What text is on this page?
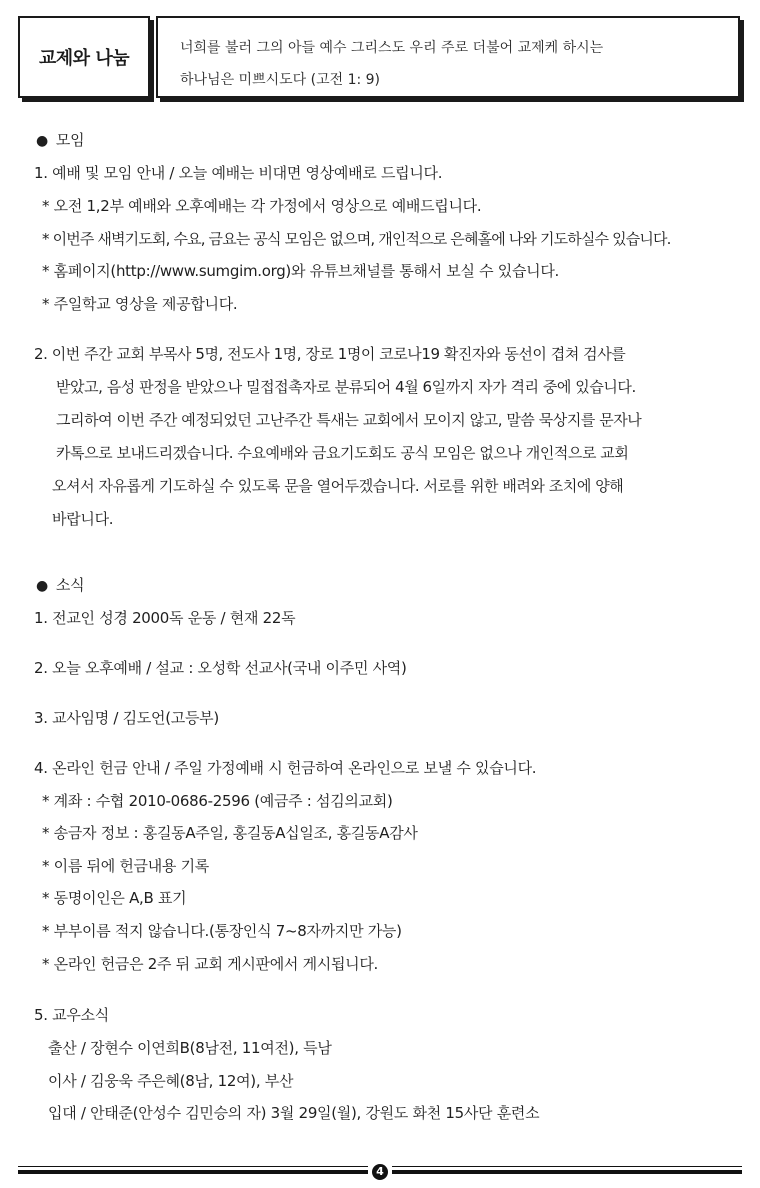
교제와 나눔	너희를 불러 그의 아들 예수 그리스도 우리 주로 더불어 교제케 하시는
하나님은 미쁘시도다 (고전 1: 9)
● 모임
1. 예배 및 모임 안내 / 오늘 예배는 비대면 영상예배로 드립니다.
* 오전 1,2부 예배와 오후예배는 각 가정에서 영상으로 예배드립니다.
* 이번주 새벽기도회, 수요, 금요는 공식 모임은 없으며, 개인적으로 은혜홀에 나와 기도하실수 있습니다.
* 홈페이지(http://www.sumgim.org)와 유튜브채널를 통해서 보실 수 있습니다.
* 주일학교 영상을 제공합니다.
2. 이번 주간 교회 부목사 5명, 전도사 1명, 장로 1명이 코로나19 확진자와 동선이 겹쳐 검사를
받았고, 음성 판정을 받았으나 밀접접촉자로 분류되어 4월 6일까지 자가 격리 중에 있습니다.
그리하여 이번 주간 예정되었던 고난주간 특새는 교회에서 모이지 않고, 말씀 묵상지를 문자나
카톡으로 보내드리겠습니다. 수요예배와 금요기도회도 공식 모임은 없으나 개인적으로 교회
오셔서 자유롭게 기도하실 수 있도록 문을 열어두겠습니다. 서로를 위한 배려와 조치에 양해
바랍니다.
● 소식
1. 전교인 성경 2000독 운동 / 현재 22독
2. 오늘 오후예배 / 설교 : 오성학 선교사(국내 이주민 사역)
3. 교사임명 / 김도언(고등부)
4. 온라인 헌금 안내 / 주일 가정예배 시 헌금하여 온라인으로 보낼 수 있습니다.
* 계좌 : 수협 2010-0686-2596 (예금주 : 섬김의교회)
* 송금자 정보 : 홍길동A주일, 홍길동A십일조, 홍길동A감사
* 이름 뒤에 헌금내용 기록
* 동명이인은 A,B 표기
* 부부이름 적지 않습니다.(통장인식 7~8자까지만 가능)
* 온라인 헌금은 2주 뒤 교회 게시판에서 게시됩니다.
5. 교우소식
출산 / 장현수 이연희B(8남전, 11여전), 득남
이사 / 김웅욱 주은혜(8남, 12여), 부산
입대 / 안태준(안성수 김민승의 자) 3월 29일(월), 강원도 화천 15사단 훈련소
4
